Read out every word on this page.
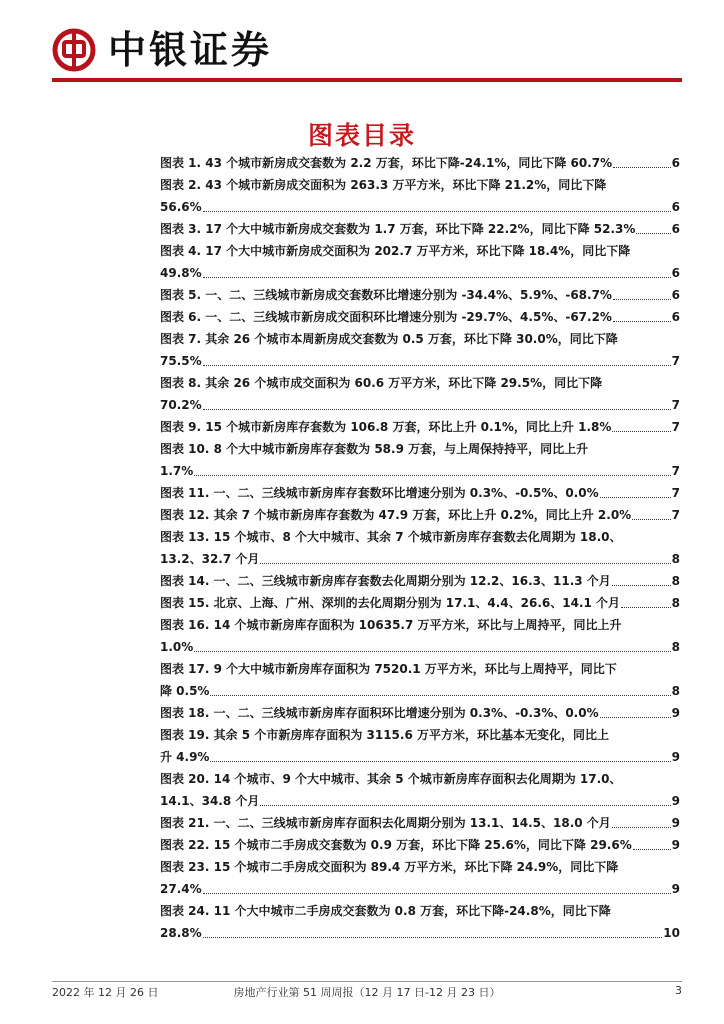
中银证券
图表目录
图表 1. 43 个城市新房成交套数为 2.2 万套，环比下降-24.1%，同比下降 60.7%	6
图表 2. 43 个城市新房成交面积为 263.3 万平方米，环比下降 21.2%，同比下降
56.6%	6
图表 3. 17 个大中城市新房成交套数为 1.7 万套，环比下降 22.2%，同比下降 52.3%	6
图表 4. 17 个大中城市新房成交面积为 202.7 万平方米，环比下降 18.4%，同比下降
49.8%	6
图表 5. 一、二、三线城市新房成交套数环比增速分别为 -34.4%、5.9%、-68.7%	6
图表 6. 一、二、三线城市新房成交面积环比增速分别为 -29.7%、4.5%、-67.2%	6
图表 7. 其余 26 个城市本周新房成交套数为 0.5 万套，环比下降 30.0%，同比下降
75.5%	7
图表 8. 其余 26 个城市成交面积为 60.6 万平方米，环比下降 29.5%，同比下降
70.2%	7
图表 9. 15 个城市新房库存套数为 106.8 万套，环比上升 0.1%，同比上升 1.8%	7
图表 10. 8 个大中城市新房库存套数为 58.9 万套，与上周保持持平，同比上升
1.7%	7
图表 11. 一、二、三线城市新房库存套数环比增速分别为 0.3%、-0.5%、0.0%	7
图表 12. 其余 7 个城市新房库存套数为 47.9 万套，环比上升 0.2%，同比上升 2.0%	7
图表 13. 15 个城市、8 个大中城市、其余 7 个城市新房库存套数去化周期为 18.0、
13.2、32.7 个月	8
图表 14. 一、二、三线城市新房库存套数去化周期分别为 12.2、16.3、11.3 个月	8
图表 15. 北京、上海、广州、深圳的去化周期分别为 17.1、4.4、26.6、14.1 个月	8
图表 16. 14 个城市新房库存面积为 10635.7 万平方米，环比与上周持平，同比上升
1.0%	8
图表 17. 9 个大中城市新房库存面积为 7520.1 万平方米，环比与上周持平，同比下
降 0.5%	8
图表 18. 一、二、三线城市新房库存面积环比增速分别为 0.3%、-0.3%、0.0%	9
图表 19. 其余 5 个市新房库存面积为 3115.6 万平方米，环比基本无变化，同比上
升 4.9%	9
图表 20. 14 个城市、9 个大中城市、其余 5 个城市新房库存面积去化周期为 17.0、
14.1、34.8 个月	9
图表 21. 一、二、三线城市新房库存面积去化周期分别为 13.1、14.5、18.0 个月	9
图表 22. 15 个城市二手房成交套数为 0.9 万套，环比下降 25.6%，同比下降 29.6%	9
图表 23. 15 个城市二手房成交面积为 89.4 万平方米，环比下降 24.9%，同比下降
27.4%	9
图表 24. 11 个大中城市二手房成交套数为 0.8 万套，环比下降-24.8%，同比下降
28.8%	10
2022 年 12 月 26 日	房地产行业第 51 周周报（12 月 17 日-12 月 23 日）	3
